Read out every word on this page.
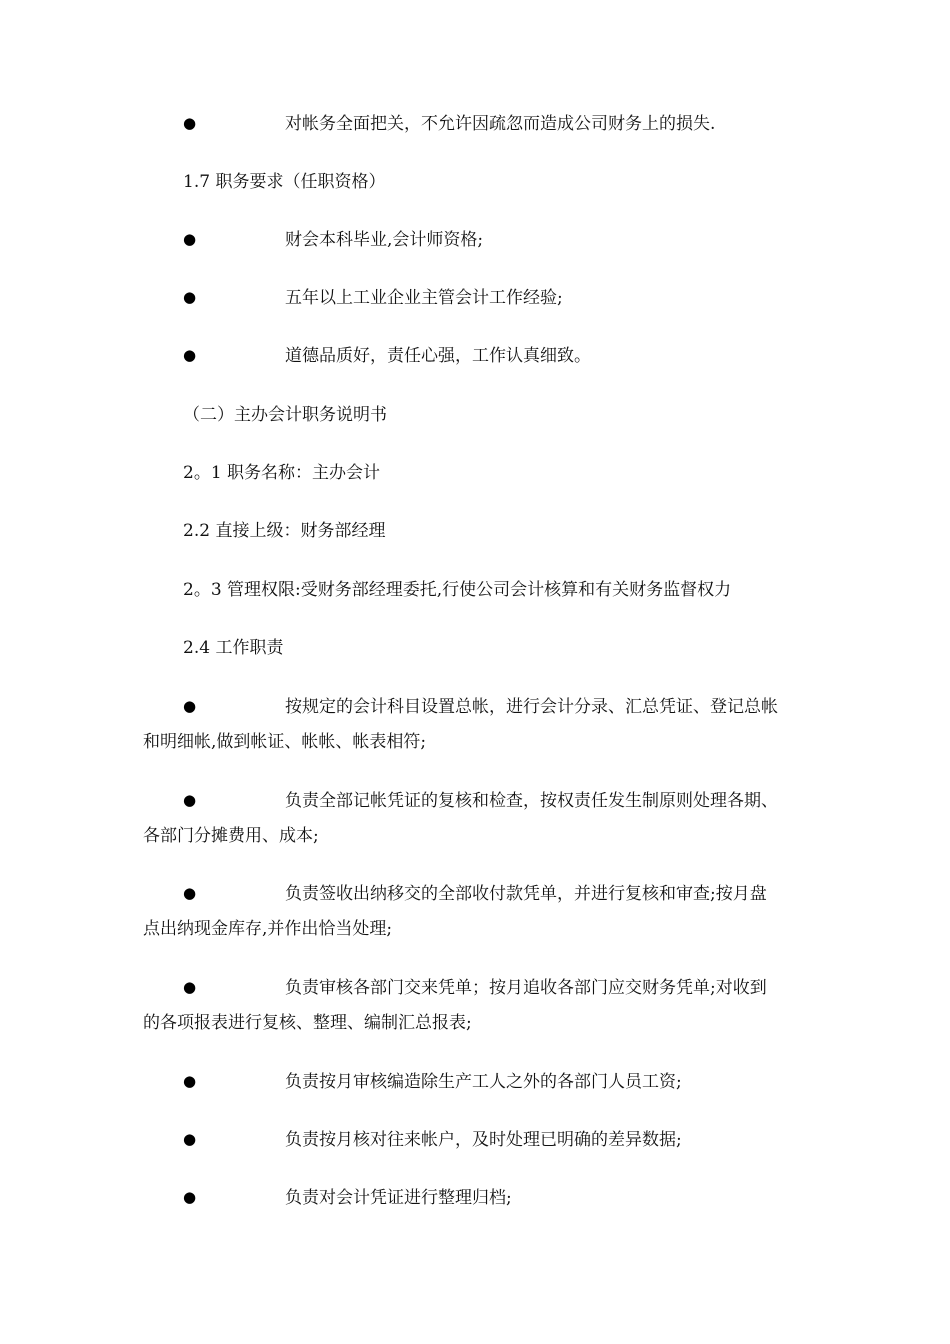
●	对帐务全面把关，不允许因疏忽而造成公司财务上的损失.
1.7 职务要求（任职资格）
●	财会本科毕业,会计师资格;
●	五年以上工业企业主管会计工作经验;
●	道德品质好，责任心强，工作认真细致。
（二）主办会计职务说明书
2。1 职务名称：主办会计
2.2 直接上级：财务部经理
2。3 管理权限:受财务部经理委托,行使公司会计核算和有关财务监督权力
2.4 工作职责
●	按规定的会计科目设置总帐，进行会计分录、汇总凭证、登记总帐
和明细帐,做到帐证、帐帐、帐表相符;
●	负责全部记帐凭证的复核和检查，按权责任发生制原则处理各期、
各部门分摊费用、成本;
●	负责签收出纳移交的全部收付款凭单，并进行复核和审查;按月盘
点出纳现金库存,并作出恰当处理;
●	负责审核各部门交来凭单；按月追收各部门应交财务凭单;对收到
的各项报表进行复核、整理、编制汇总报表;
●	负责按月审核编造除生产工人之外的各部门人员工资;
●	负责按月核对往来帐户，及时处理已明确的差异数据;
●	负责对会计凭证进行整理归档;
